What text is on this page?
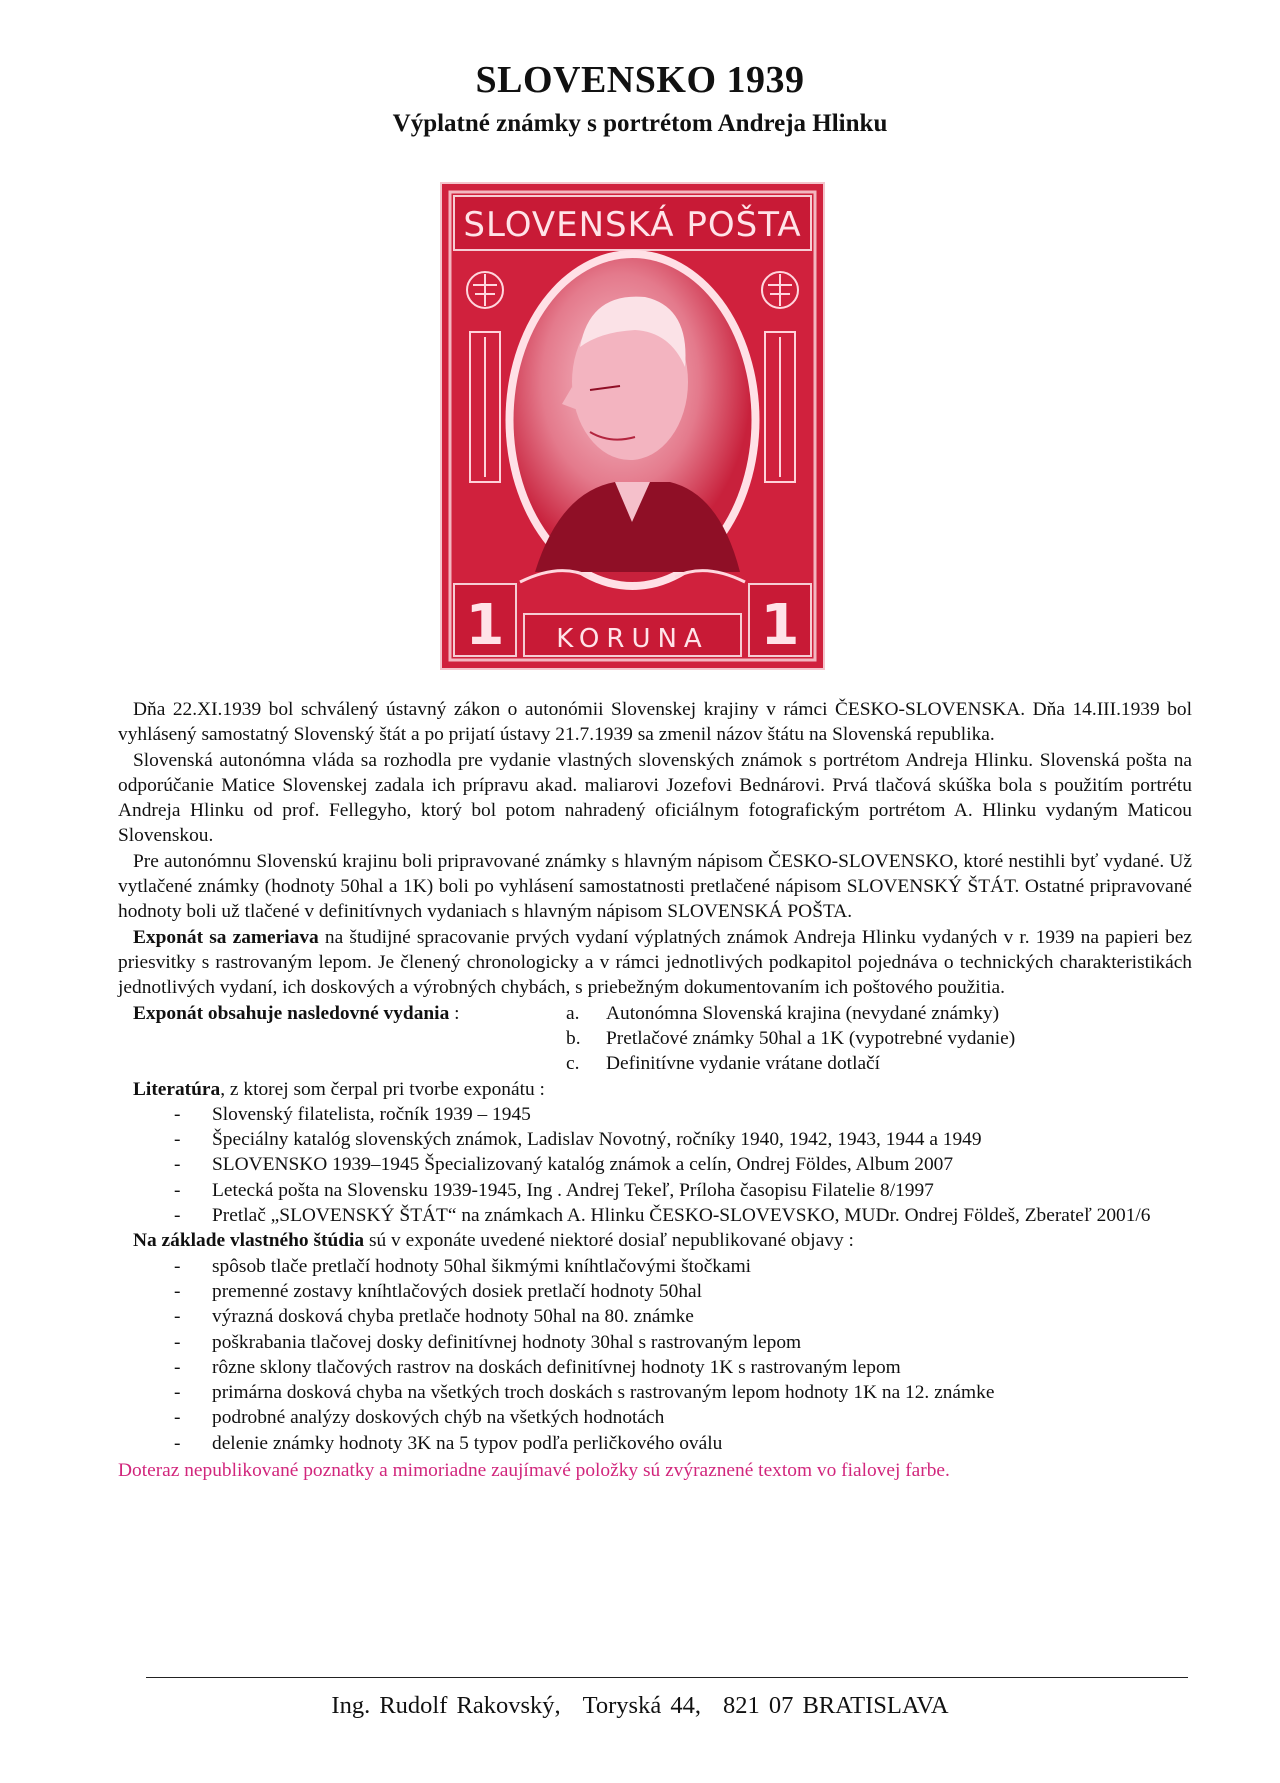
SLOVENSKO 1939
Výplatné známky s portrétom Andreja Hlinku
SLOVENSKÁ POŠTA
1	1
KORUNA

Dňa 22.XI.1939 bol schválený ústavný zákon o autonómii Slovenskej krajiny v rámci ČESKO-SLOVENSKA. Dňa 14.III.1939 bol vyhlásený samostatný Slovenský štát a po prijatí ústavy 21.7.1939 sa zmenil názov štátu na Slovenská republika.

Slovenská autonómna vláda sa rozhodla pre vydanie vlastných slovenských známok s portrétom Andreja Hlinku. Slovenská pošta na odporúčanie Matice Slovenskej zadala ich prípravu akad. maliarovi Jozefovi Bednárovi. Prvá tlačová skúška bola s použitím portrétu Andreja Hlinku od prof. Fellegyho, ktorý bol potom nahradený oficiálnym fotografickým portrétom A. Hlinku vydaným Maticou Slovenskou.

Pre autonómnu Slovenskú krajinu boli pripravované známky s hlavným nápisom ČESKO-SLOVENSKO, ktoré nestihli byť vydané. Už vytlačené známky (hodnoty 50hal a 1K) boli po vyhlásení samostatnosti pretlačené nápisom SLOVENSKÝ ŠTÁT. Ostatné pripravované hodnoty boli už tlačené v definitívnych vydaniach s hlavným nápisom SLOVENSKÁ POŠTA.

Exponát sa zameriava na študijné spracovanie prvých vydaní výplatných známok Andreja Hlinku vydaných v r. 1939 na papieri bez priesvitky s rastrovaným lepom. Je členený chronologicky a v rámci jednotlivých podkapitol pojednáva o technických charakteristikách jednotlivých vydaní, ich doskových a výrobných chybách, s priebežným dokumentovaním ich poštového použitia.

Exponát obsahuje nasledovné vydania :	a.	Autonómna Slovenská krajina (nevydané známky)
b.	Pretlačové známky 50hal a 1K (vypotrebné vydanie)
c.	Definitívne vydanie vrátane dotlačí

Literatúra, z ktorej som čerpal pri tvorbe exponátu :

- Slovenský filatelista, ročník 1939 – 1945
- Špeciálny katalóg slovenských známok, Ladislav Novotný, ročníky 1940, 1942, 1943, 1944 a 1949
- SLOVENSKO 1939–1945 Špecializovaný katalóg známok a celín, Ondrej Földes, Album 2007
- Letecká pošta na Slovensku 1939-1945, Ing . Andrej Tekeľ, Príloha časopisu Filatelie 8/1997
- Pretlač „SLOVENSKÝ ŠTÁT“ na známkach A. Hlinku ČESKO-SLOVEVSKO, MUDr. Ondrej Földeš, Zberateľ 2001/6

Na základe vlastného štúdia sú v exponáte uvedené niektoré dosiaľ nepublikované objavy :

- spôsob tlače pretlačí hodnoty 50hal šikmými kníhtlačovými štočkami
- premenné zostavy kníhtlačových dosiek pretlačí hodnoty 50hal
- výrazná dosková chyba pretlače hodnoty 50hal na 80. známke
- poškrabania tlačovej dosky definitívnej hodnoty 30hal s rastrovaným lepom
- rôzne sklony tlačových rastrov na doskách definitívnej hodnoty 1K s rastrovaným lepom
- primárna dosková chyba na všetkých troch doskách s rastrovaným lepom hodnoty 1K na 12. známke
- podrobné analýzy doskových chýb na všetkých hodnotách
- delenie známky hodnoty 3K na 5 typov podľa perličkového oválu

Doteraz nepublikované poznatky a mimoriadne zaujímavé položky sú zvýraznené textom vo fialovej farbe.

Ing. Rudolf Rakovský, Toryská 44, 821 07 BRATISLAVA
